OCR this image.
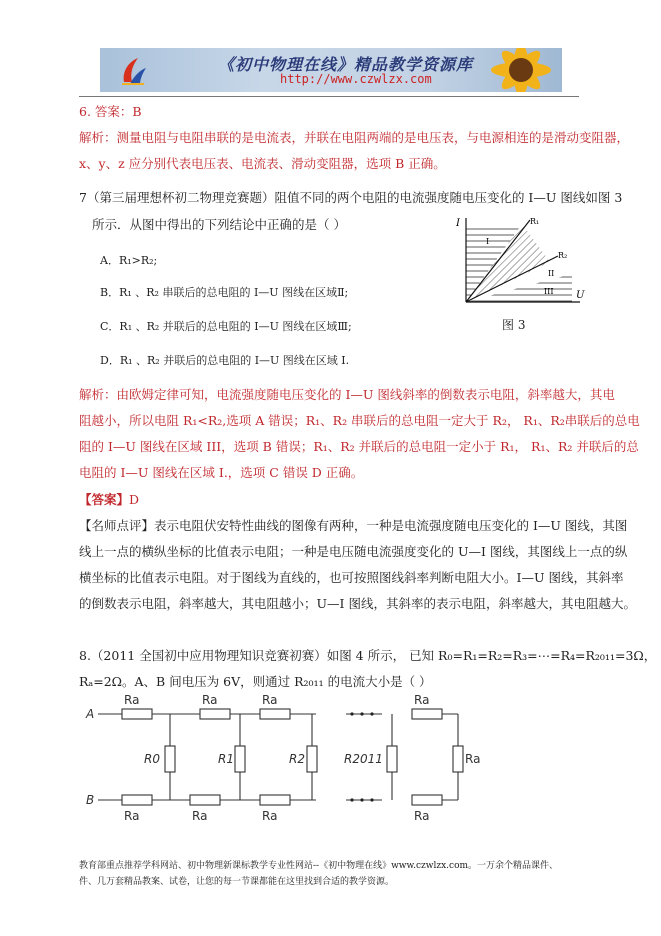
《初中物理在线》精品教学资源库
http://www.czwlzx.com
6. 答案：B
解析：测量电阻与电阻串联的是电流表，并联在电阻两端的是电压表，与电源相连的是滑动变阻器，
x、y、z 应分别代表电压表、电流表、滑动变阻器，选项 B 正确。
7（第三届理想杯初二物理竞赛题）阻值不同的两个电阻的电流强度随电压变化的 I—U 图线如图 3
所示．从图中得出的下列结论中正确的是（ ）
A．R₁>R₂;
B．R₁ 、R₂ 串联后的总电阻的 I—U 图线在区域Ⅱ;
C．R₁ 、R₂ 并联后的总电阻的 I—U 图线在区域Ⅲ;
D．R₁ 、R₂ 并联后的总电阻的 I—U 图线在区域 I.
I
U
R₁
R₂
I
II
III
图 3
解析：由欧姆定律可知，电流强度随电压变化的 I—U 图线斜率的倒数表示电阻，斜率越大，其电
阻越小，所以电阻 R₁<R₂,选项 A 错误；R₁、R₂ 串联后的总电阻一定大于 R₂， R₁、R₂串联后的总电
阻的 I—U 图线在区域 III，选项 B 错误；R₁、R₂ 并联后的总电阻一定小于 R₁， R₁、R₂ 并联后的总
电阻的 I—U 图线在区域 I.，选项 C 错误 D 正确。
【答案】D
【名师点评】表示电阻伏安特性曲线的图像有两种，一种是电流强度随电压变化的 I—U 图线，其图
线上一点的横纵坐标的比值表示电阻；一种是电压随电流强度变化的 U—I 图线，其图线上一点的纵
横坐标的比值表示电阻。对于图线为直线的，也可按照图线斜率判断电阻大小。I—U 图线，其斜率
的倒数表示电阻，斜率越大，其电阻越小；U—I 图线，其斜率的表示电阻，斜率越大，其电阻越大。
8.（2011 全国初中应用物理知识竞赛初赛）如图 4 所示， 已知 R₀=R₁=R₂=R₃=⋯=R₄=R₂₀₁₁=3Ω，
Rₐ=2Ω。A、B 间电压为 6V，则通过 R₂₀₁₁ 的电流大小是（ ）
A
B
Ra	Ra	Ra	Ra
Ra	Ra	Ra	Ra
R0	R1	R2	R2011	Ra
教育部重点推荐学科网站、初中物理新课标教学专业性网站--《初中物理在线》www.czwlzx.com。一万余个精品课件、
件、几万套精品教案、试卷，让您的每一节课都能在这里找到合适的教学资源。
